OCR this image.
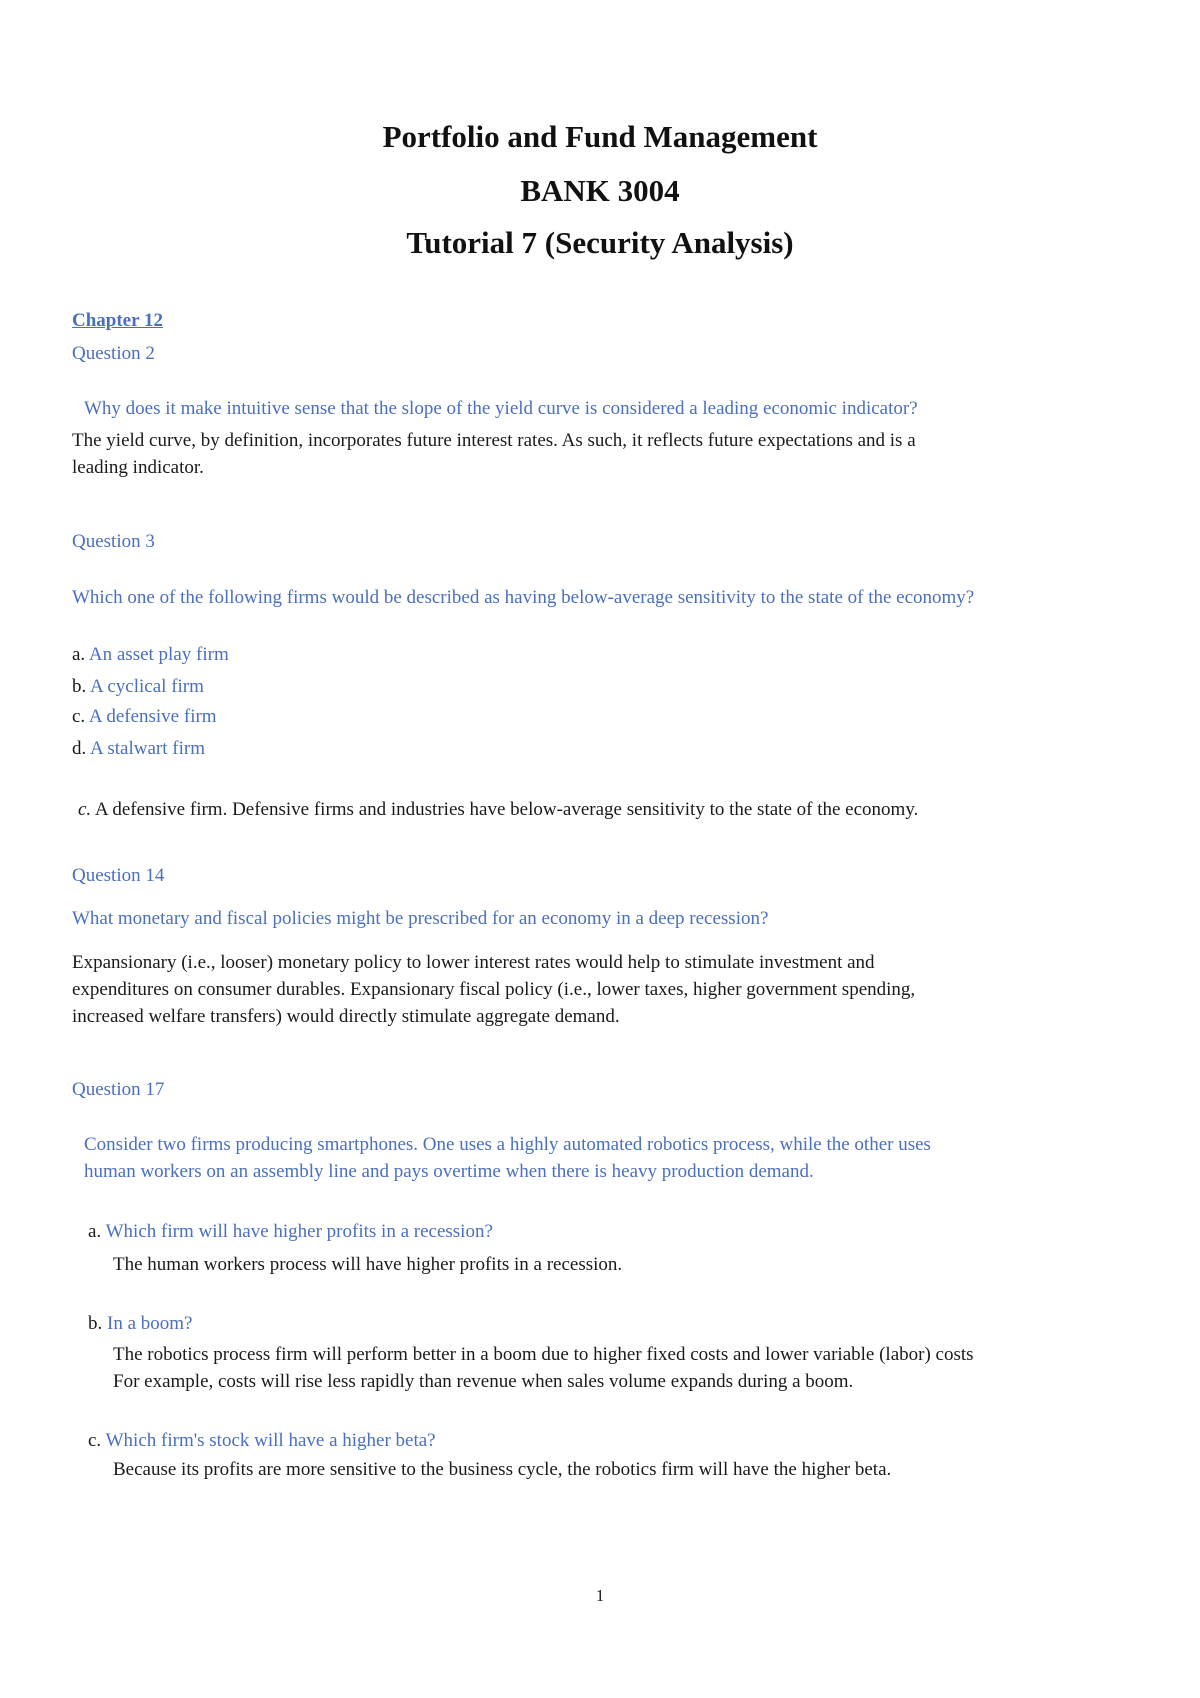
Portfolio and Fund Management
BANK 3004
Tutorial 7 (Security Analysis)
Chapter 12
Question 2
Why does it make intuitive sense that the slope of the yield curve is considered a leading economic indicator?
The yield curve, by definition, incorporates future interest rates. As such, it reflects future expectations and is a
leading indicator.
Question 3
Which one of the following firms would be described as having below-average sensitivity to the state of the economy?
a. An asset play firm
b. A cyclical firm
c. A defensive firm
d. A stalwart firm
c. A defensive firm. Defensive firms and industries have below-average sensitivity to the state of the economy.
Question 14
What monetary and fiscal policies might be prescribed for an economy in a deep recession?
Expansionary (i.e., looser) monetary policy to lower interest rates would help to stimulate investment and
expenditures on consumer durables. Expansionary fiscal policy (i.e., lower taxes, higher government spending,
increased welfare transfers) would directly stimulate aggregate demand.
Question 17
Consider two firms producing smartphones. One uses a highly automated robotics process, while the other uses
human workers on an assembly line and pays overtime when there is heavy production demand.
a. Which firm will have higher profits in a recession?
The human workers process will have higher profits in a recession.
b. In a boom?
The robotics process firm will perform better in a boom due to higher fixed costs and lower variable (labor) costs
For example, costs will rise less rapidly than revenue when sales volume expands during a boom.
c. Which firm's stock will have a higher beta?
Because its profits are more sensitive to the business cycle, the robotics firm will have the higher beta.
1
